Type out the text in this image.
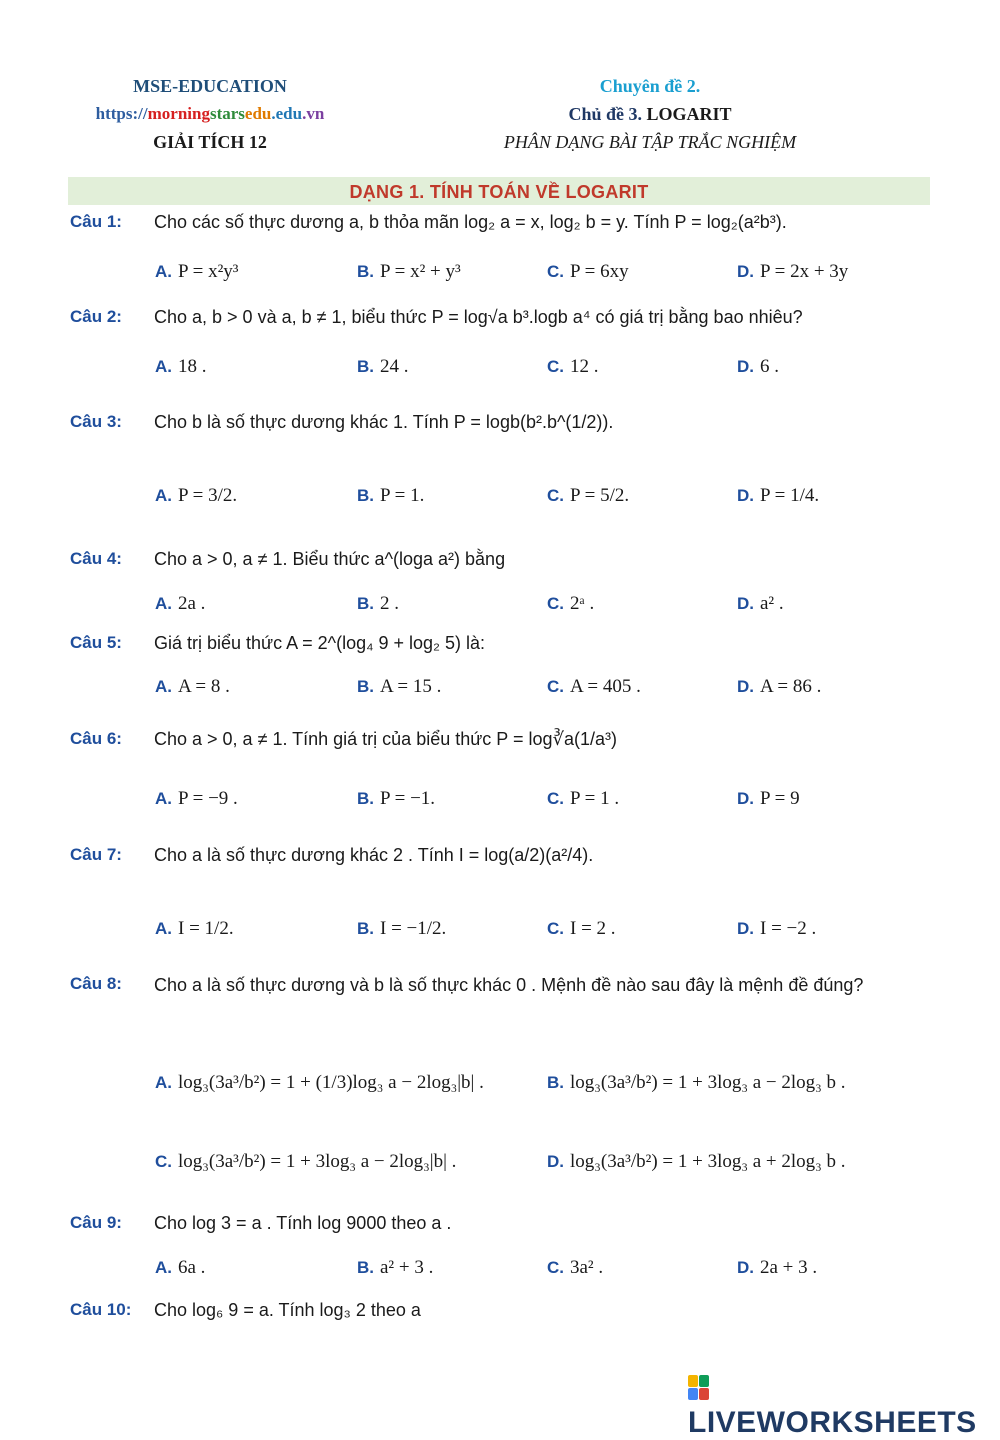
MSE-EDUCATION
https://morningstarsedu.edu.vn
GIẢI TÍCH 12
Chuyên đề 2.
Chủ đề 3. LOGARIT
PHÂN DẠNG BÀI TẬP TRẮC NGHIỆM
DẠNG 1. TÍNH TOÁN VỀ LOGARIT
Câu 1: Cho các số thực dương a, b thỏa mãn log₂ a = x, log₂ b = y. Tính P = log₂(a²b³).
A. P = x²y³	B. P = x² + y³	C. P = 6xy	D. P = 2x + 3y
Câu 2: Cho a, b > 0 và a, b ≠ 1, biểu thức P = log√a b³.logb a⁴ có giá trị bằng bao nhiêu?
A. 18 .	B. 24 .	C. 12 .	D. 6 .
Câu 3: Cho b là số thực dương khác 1. Tính P = logb(b².b^(1/2)).
A. P = 3/2.	B. P = 1.	C. P = 5/2.	D. P = 1/4.
Câu 4: Cho a > 0, a ≠ 1. Biểu thức a^(loga a²) bằng
A. 2a .	B. 2 .	C. 2ᵃ .	D. a² .
Câu 5: Giá trị biểu thức A = 2^(log₄ 9 + log₂ 5) là:
A. A = 8 .	B. A = 15 .	C. A = 405 .	D. A = 86 .
Câu 6: Cho a > 0, a ≠ 1. Tính giá trị của biểu thức P = log∛a(1/a³)
A. P = −9 .	B. P = −1.	C. P = 1 .	D. P = 9
Câu 7: Cho a là số thực dương khác 2 . Tính I = log(a/2)(a²/4).
A. I = 1/2.	B. I = −1/2.	C. I = 2 .	D. I = −2 .
Câu 8: Cho a là số thực dương và b là số thực khác 0 . Mệnh đề nào sau đây là mệnh đề đúng?
A. log₃(3a³/b²) = 1 + (1/3)log₃ a − 2log₃|b| .	B. log₃(3a³/b²) = 1 + 3log₃ a − 2log₃ b .
C. log₃(3a³/b²) = 1 + 3log₃ a − 2log₃|b| .	D. log₃(3a³/b²) = 1 + 3log₃ a + 2log₃ b .
Câu 9: Cho log 3 = a . Tính log 9000 theo a .
A. 6a .	B. a² + 3 .	C. 3a² .	D. 2a + 3 .
Câu 10: Cho log₆ 9 = a. Tính log₃ 2 theo a
LIVEWORKSHEETS
